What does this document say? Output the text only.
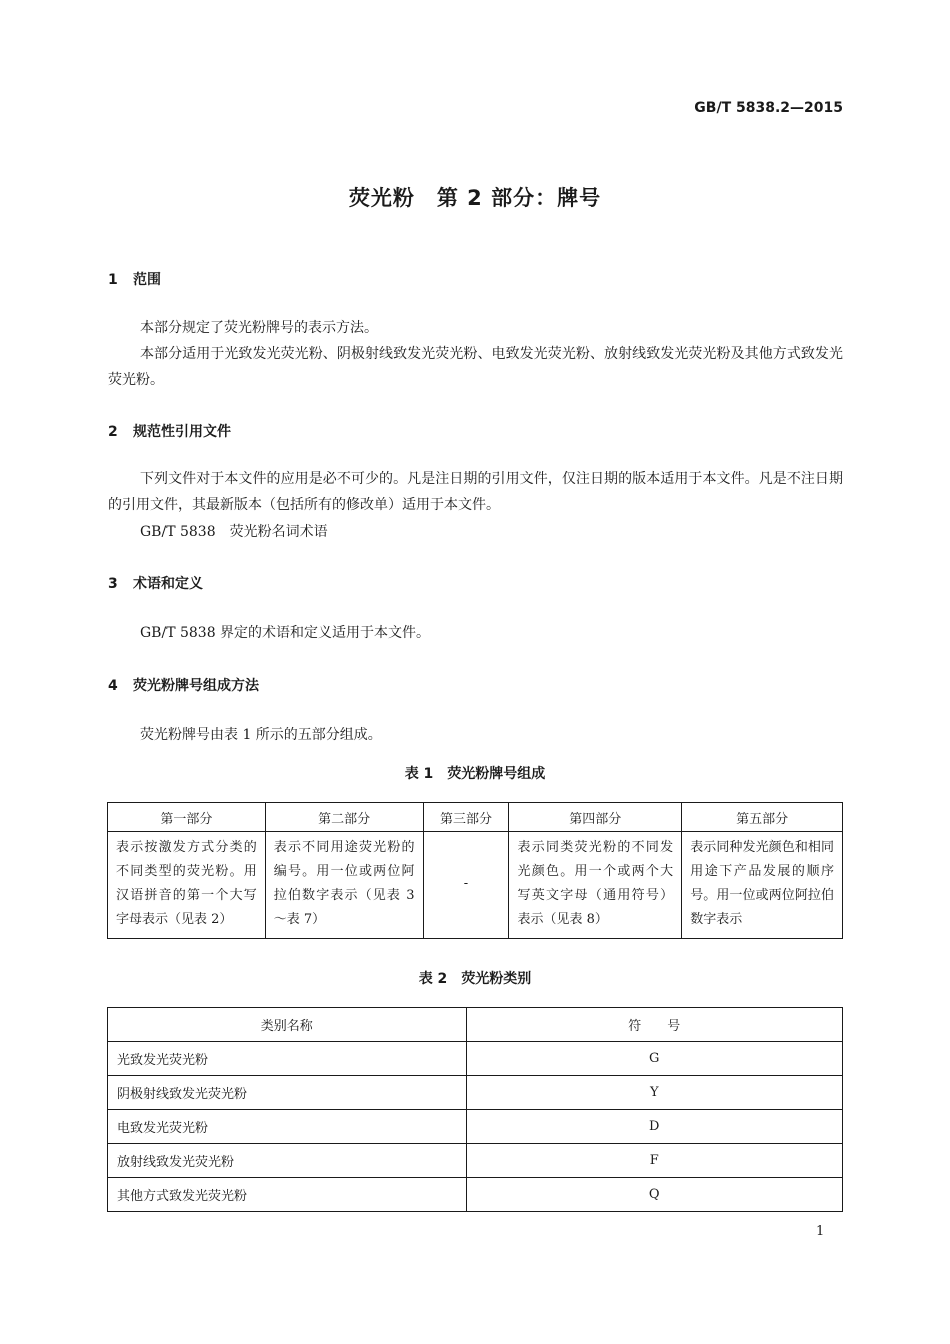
GB/T 5838.2—2015
荧光粉　第 2 部分：牌号
1 范围
本部分规定了荧光粉牌号的表示方法。
本部分适用于光致发光荧光粉、阴极射线致发光荧光粉、电致发光荧光粉、放射线致发光荧光粉及其他方式致发光荧光粉。
2 规范性引用文件
下列文件对于本文件的应用是必不可少的。凡是注日期的引用文件，仅注日期的版本适用于本文件。凡是不注日期的引用文件，其最新版本（包括所有的修改单）适用于本文件。
GB/T 5838　荧光粉名词术语
3 术语和定义
GB/T 5838 界定的术语和定义适用于本文件。
4 荧光粉牌号组成方法
荧光粉牌号由表 1 所示的五部分组成。
表 1 荧光粉牌号组成
第一部分	第二部分	第三部分	第四部分	第五部分
表示按激发方式分类的不同类型的荧光粉。用汉语拼音的第一个大写字母表示（见表 2）	表示不同用途荧光粉的编号。用一位或两位阿拉伯数字表示（见表 3～表 7）	-	表示同类荧光粉的不同发光颜色。用一个或两个大写英文字母（通用符号）表示（见表 8）	表示同种发光颜色和相同用途下产品发展的顺序号。用一位或两位阿拉伯数字表示
表 2 荧光粉类别
类别名称	符　　号
光致发光荧光粉	G
阴极射线致发光荧光粉	Y
电致发光荧光粉	D
放射线致发光荧光粉	F
其他方式致发光荧光粉	Q
1
